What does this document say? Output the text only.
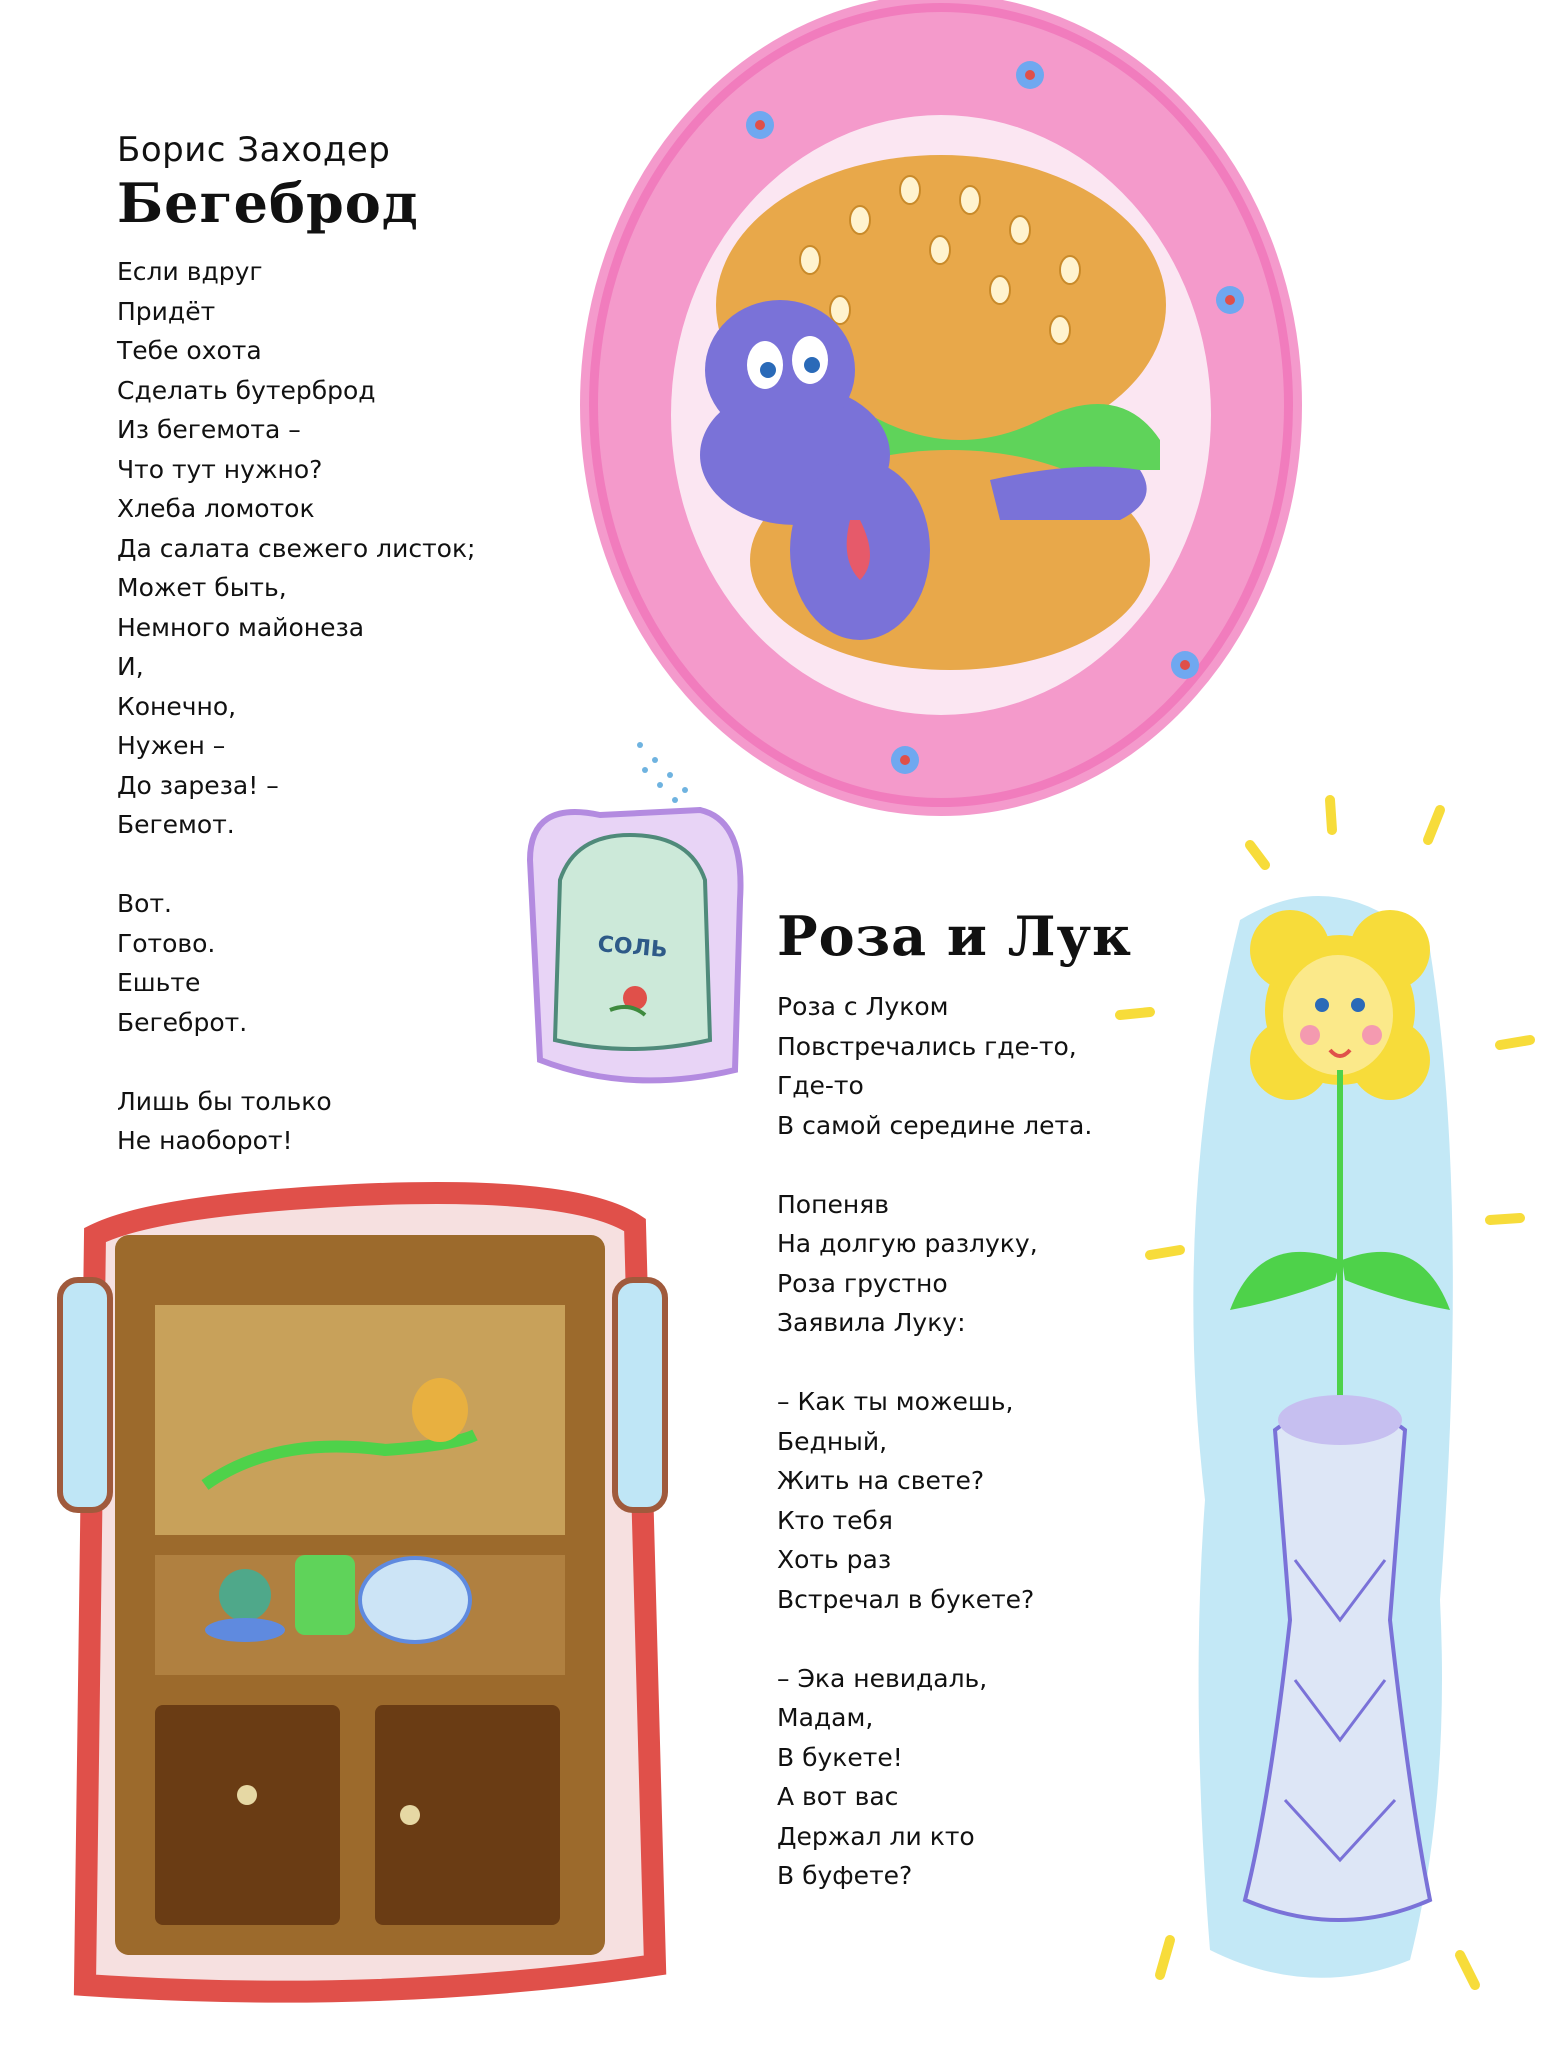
Борис Заходер
Бегеброд
Если вдруг
Придёт
Тебе охота
Сделать бутерброд
Из бегемота –
Что тут нужно?
Хлеба ломоток
Да салата свежего листок;
Может быть,
Немного майонеза
И,
Конечно,
Нужен –
До зареза! –
Бегемот.
Вот.
Готово.
Ешьте
Бегеброт.
Лишь бы только
Не наоборот!
Роза и Лук
Роза с Луком
Повстречались где-то,
Где-то
В самой середине лета.
Попеняв
На долгую разлуку,
Роза грустно
Заявила Луку:
– Как ты можешь,
Бедный,
Жить на свете?
Кто тебя
Хоть раз
Встречал в букете?
– Эка невидаль,
Мадам,
В букете!
А вот вас
Держал ли кто
В буфете?
СОЛЬ
